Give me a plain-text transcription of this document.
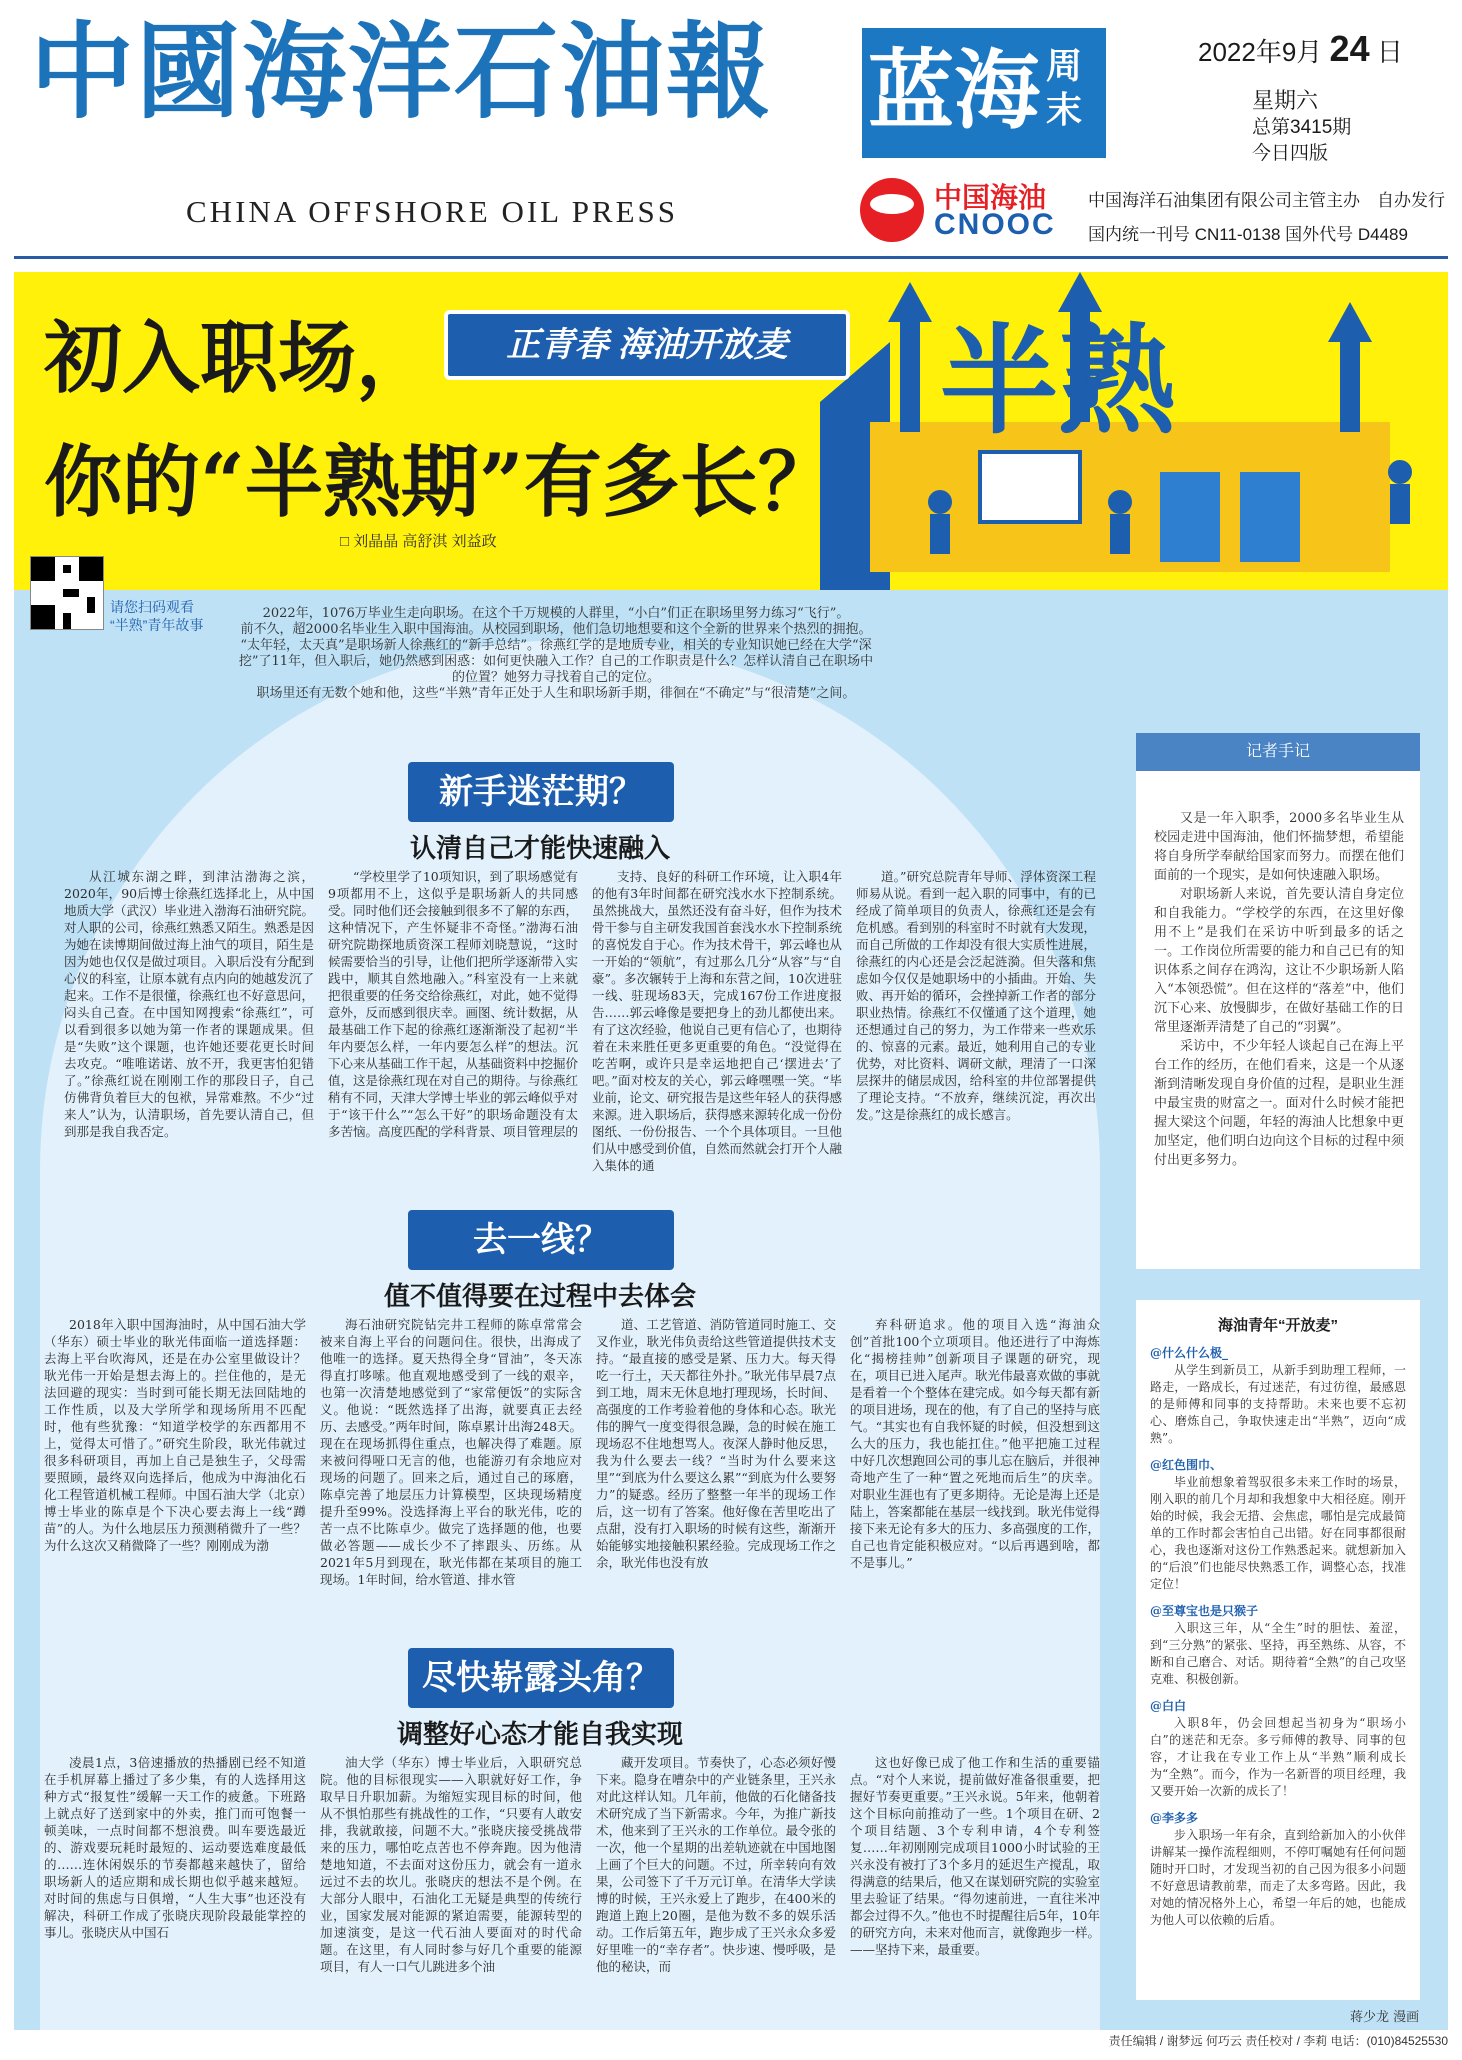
中國海洋石油報
CHINA OFFSHORE OIL PRESS
蓝海 周末
2022年9月 24 日
星期六
总第3415期
今日四版
中国海油
CNOOC
中国海洋石油集团有限公司主管主办　自办发行
国内统一刊号 CN11-0138 国外代号 D4489
半熟
初入职场，	正青春 海油开放麦
你的“半熟期”有多长？
□ 刘晶晶 高舒淇 刘益政
请您扫码观看
“半熟”青年故事

2022年，1076万毕业生走向职场。在这个千万规模的人群里，“小白”们正在职场里努力练习“飞行”。

前不久，超2000名毕业生入职中国海油。从校园到职场，他们急切地想要和这个全新的世界来个热烈的拥抱。

“太年轻，太天真”是职场新人徐燕红的“新手总结”。徐燕红学的是地质专业，相关的专业知识她已经在大学“深挖”了11年，但入职后，她仍然感到困惑：如何更快融入工作？自己的工作职责是什么？怎样认清自己在职场中的位置？她努力寻找着自己的定位。

职场里还有无数个她和他，这些“半熟”青年正处于人生和职场新手期，徘徊在“不确定”与“很清楚”之间。

新手迷茫期？
认清自己才能快速融入

从江城东湖之畔，到津沽渤海之滨，2020年，90后博士徐燕红选择北上，从中国地质大学（武汉）毕业进入渤海石油研究院。对人职的公司，徐燕红熟悉又陌生。熟悉是因为她在读博期间做过海上油气的项目，陌生是因为她也仅仅是做过项目。入职后没有分配到心仪的科室，让原本就有点内向的她越发沉了起来。工作不是很懂，徐燕红也不好意思问，闷头自己查。在中国知网搜索“徐燕红”，可以看到很多以她为第一作者的课题成果。但是“失败”这个课题，也许她还要花更长时间去攻克。“唯唯诺诺、放不开，我更害怕犯错了。”徐燕红说在刚刚工作的那段日子，自己仿佛背负着巨大的包袱，异常难熬。不少“过来人”认为，认清职场，首先要认清自己，但到那是我自我否定。

“学校里学了10项知识，到了职场感觉有9项都用不上，这似乎是职场新人的共同感受。同时他们还会接触到很多不了解的东西，这种情况下，产生怀疑非不奇怪。”渤海石油研究院勘探地质资深工程师刘晓慧说，“这时候需要恰当的引导，让他们把所学逐渐带入实践中，顺其自然地融入。”科室没有一上来就把很重要的任务交给徐燕红，对此，她不觉得意外，反而感到很庆幸。画图、统计数据，从最基础工作下起的徐燕红逐渐渐没了起初“半年内要怎么样，一年内要怎么样”的想法。沉下心来从基础工作干起，从基础资料中挖掘价值，这是徐燕红现在对自己的期待。与徐燕红稍有不同，天津大学博士毕业的郭云峰似乎对于“该干什么”“怎么干好”的职场命题没有太多苦恼。高度匹配的学科背景、项目管理层的

支持、良好的科研工作环境，让入职4年的他有3年时间都在研究浅水水下控制系统。虽然挑战大，虽然还没有奋斗好，但作为技术骨干参与自主研发我国首套浅水水下控制系统的喜悦发自于心。作为技术骨干，郭云峰也从一开始的“领航”，有过那么几分“从容”与“自豪”。多次辗转于上海和东营之间，10次进驻一线、驻现场83天，完成167份工作进度报告……郭云峰像是要把身上的劲儿都使出来。有了这次经验，他说自己更有信心了，也期待着在未来胜任更多更重要的角色。“没觉得在吃苦啊，或许只是幸运地把自己‘摆进去’了吧。”面对校友的关心，郭云峰嘿嘿一笑。“毕业前，论文、研究报告是这些年轻人的获得感来源。进入职场后，获得感来源转化成一份份图纸、一份份报告、一个个具体项目。一旦他们从中感受到价值，自然而然就会打开个人融入集体的通

道。”研究总院青年导师、浮体资深工程师易从说。看到一起入职的同事中，有的已经成了简单项目的负责人，徐燕红还是会有危机感。看到别的科室时不时就有大发现，而自己所做的工作却没有很大实质性进展，徐燕红的内心还是会泛起涟漪。但失落和焦虑如今仅仅是她职场中的小插曲。开始、失败、再开始的循环，会挫掉新工作者的部分职业热情。徐燕红不仅懂通了这个道理，她还想通过自己的努力，为工作带来一些欢乐的、惊喜的元素。最近，她利用自己的专业优势，对比资料、调研文献，理清了一口深层探井的储层成因，给科室的井位部署提供了理论支持。“不放弃，继续沉淀，再次出发。”这是徐燕红的成长感言。

去一线？
值不值得要在过程中去体会

2018年入职中国海油时，从中国石油大学（华东）硕士毕业的耿光伟面临一道选择题：去海上平台吹海风，还是在办公室里做设计？耿光伟一开始是想去海上的。拦住他的，是无法回避的现实：当时到可能长期无法回陆地的工作性质，以及大学所学和现场所用不匹配时，他有些犹豫：“知道学校学的东西都用不上，觉得太可惜了。”研究生阶段，耿光伟就过很多科研项目，再加上自己是独生子，父母需要照顾，最终双向选择后，他成为中海油化石化工程管道机械工程师。中国石油大学（北京）博士毕业的陈卓是个下决心要去海上一线“蹲苗”的人。为什么地层压力预测稍微升了一些？为什么这次又稍微降了一些？刚刚成为渤

海石油研究院钻完井工程师的陈卓常常会被来自海上平台的问题问住。很快，出海成了他唯一的选择。夏天热得全身“冒油”，冬天冻得直打哆嗦。他直观地感受到了一线的艰辛，也第一次清楚地感觉到了“家常便饭”的实际含义。他说：“既然选择了出海，就要真正去经历、去感受。”两年时间，陈卓累计出海248天。现在在现场抓得住重点，也解决得了难题。原来被问得哑口无言的他，也能游刃有余地应对现场的问题了。回来之后，通过自己的琢磨，陈卓完善了地层压力计算模型，区块现场精度提升至99%。没选择海上平台的耿光伟，吃的苦一点不比陈卓少。做完了选择题的他，也要做必答题——成长少不了摔跟头、历练。从2021年5月到现在，耿光伟都在某项目的施工现场。1年时间，给水管道、排水管

道、工艺管道、消防管道同时施工、交叉作业，耿光伟负责给这些管道提供技术支持。“最直接的感受是紧、压力大。每天得吃一行土，天天都往外扑。”耿光伟早晨7点到工地，周末无休息地打理现场，长时间、高强度的工作考验着他的身体和心态。耿光伟的脾气一度变得很急躁，急的时候在施工现场忍不住地想骂人。夜深人静时他反思，我为什么要去一线？“当时为什么要来这里”“到底为什么要这么累”“到底为什么要努力”的疑惑。经历了整整一年半的现场工作后，这一切有了答案。他好像在苦里吃出了点甜，没有打入职场的时候有这些，渐渐开始能够实地接触积累经验。完成现场工作之余，耿光伟也没有放

弃科研追求。他的项目入选“海油众创”首批100个立项项目。他还进行了中海炼化“揭榜挂帅”创新项目子课题的研究，现在，项目已进入尾声。耿光伟最喜欢做的事就是看着一个个整体在建完成。如今每天都有新的项目进场，现在的他，有了自己的坚持与底气。“其实也有自我怀疑的时候，但没想到这么大的压力，我也能扛住。”他平把施工过程中好几次想跑回公司的事儿忘在脑后，并很神奇地产生了一种“置之死地而后生”的庆幸。对职业生涯也有了更多期待。无论是海上还是陆上，答案都能在基层一线找到。耿光伟觉得接下来无论有多大的压力、多高强度的工作，自己也肯定能积极应对。“以后再遇到啥，都不是事儿。”

尽快崭露头角？
调整好心态才能自我实现

凌晨1点，3倍速播放的热播剧已经不知道在手机屏幕上播过了多少集，有的人选择用这种方式“报复性”缓解一天工作的疲惫。下班路上就点好了送到家中的外卖，推门而可饱餐一顿美味，一点时间都不想浪费。叫车要选最近的、游戏要玩耗时最短的、运动要选难度最低的……连休闲娱乐的节奏都越来越快了，留给职场新人的适应期和成长期也似乎越来越短。对时间的焦虑与日俱增，“人生大事”也还没有解决，科研工作成了张晓庆现阶段最能掌控的事儿。张晓庆从中国石

油大学（华东）博士毕业后，入职研究总院。他的目标很现实——入职就好好工作，争取早日升职加薪。为缩短实现目标的时间，他从不惧怕那些有挑战性的工作，“只要有人敢安排，我就敢接，问题不大。”张晓庆接受挑战带来的压力，哪怕吃点苦也不停奔跑。因为他清楚地知道，不去面对这份压力，就会有一道永远过不去的坎儿。张晓庆的想法不是个例。在大部分人眼中，石油化工无疑是典型的传统行业，国家发展对能源的紧迫需要，能源转型的加速演变，是这一代石油人要面对的时代命题。在这里，有人同时参与好几个重要的能源项目，有人一口气儿跳进多个油

藏开发项目。节奏快了，心态必须好慢下来。隐身在嘈杂中的产业链条里，王兴永对此这样认知。几年前，他做的石化储备技术研究成了当下新需求。今年，为推广新技术，他来到了王兴永的工作单位。最令张的一次，他一个星期的出差轨迹就在中国地图上画了个巨大的问题。不过，所幸转向有效果，公司签下了千万元订单。在清华大学读博的时候，王兴永爱上了跑步，在400米的跑道上跑上20圈，是他为数不多的娱乐活动。工作后第五年，跑步成了王兴永众多爱好里唯一的“幸存者”。快步速、慢呼吸，是他的秘诀，而

这也好像已成了他工作和生活的重要锚点。“对个人来说，提前做好准备很重要，把握好节奏更重要。”王兴永说。5年来，他朝着这个目标向前推动了一些。1个项目在研、2个项目结题、3个专利申请，4个专利签复……年初刚刚完成项目1000小时试验的王兴永没有被打了3个多月的延迟生产搅乱，取得满意的结果后，他又在谋划研究院的实验室里去验证了结果。“得勿速前进，一直往米冲都会过得不久。”他也不时提醒往后5年，10年的研究方向，未来对他而言，就像跑步一样。——坚持下来，最重要。

记者手记

又是一年入职季，2000多名毕业生从校园走进中国海油，他们怀揣梦想，希望能将自身所学奉献给国家而努力。而摆在他们面前的一个现实，是如何快速融入职场。

对职场新人来说，首先要认清自身定位和自我能力。“学校学的东西，在这里好像用不上”是我们在采访中听到最多的话之一。工作岗位所需要的能力和自己已有的知识体系之间存在鸿沟，这让不少职场新人陷入“本领恐慌”。但在这样的“落差”中，他们沉下心来、放慢脚步，在做好基础工作的日常里逐渐弄清楚了自己的“羽翼”。

采访中，不少年轻人谈起自己在海上平台工作的经历，在他们看来，这是一个从逐渐到清晰发现自身价值的过程，是职业生涯中最宝贵的财富之一。面对什么时候才能把握大梁这个问题，年轻的海油人比想象中更加坚定，他们明白边向这个目标的过程中须付出更多努力。

海油青年“开放麦”
@什么什么极_

从学生到新员工，从新手到助理工程师，一路走，一路成长，有过迷茫，有过彷徨，最感恩的是师傅和同事的支持帮助。未来也要不忘初心、磨炼自己，争取快速走出“半熟”，迈向“成熟”。

@红色围巾、

毕业前想象着驾驭很多未来工作时的场景，刚入职的前几个月却和我想象中大相径庭。刚开始的时候，我会无措、会焦虑，哪怕是完成最简单的工作时都会害怕自己出错。好在同事都很耐心，我也逐渐对这份工作熟悉起来。就想新加入的“后浪”们也能尽快熟悉工作，调整心态，找准定位！

@至尊宝也是只猴子

入职这三年，从“全生”时的胆怯、羞涩，到“三分熟”的紧张、坚持，再至熟练、从容，不断和自己磨合、对话。期待着“全熟”的自己攻坚克难、积极创新。

@白白

入职8年，仍会回想起当初身为“职场小白”的迷茫和无奈。多亏师傅的教导、同事的包容，才让我在专业工作上从“半熟”顺利成长为“全熟”。而今，作为一名新晋的项目经理，我又要开始一次新的成长了！

@李多多

步入职场一年有余，直到给新加入的小伙伴讲解某一操作流程细则，不停叮嘱她有任何问题随时开口时，才发现当初的自己因为很多小问题不好意思请教前辈，而走了太多弯路。因此，我对她的情况格外上心，希望一年后的她，也能成为他人可以依赖的后盾。

蒋少龙 漫画
责任编辑 / 谢梦远 何巧云 责任校对 / 李莉 电话：(010)84525530
